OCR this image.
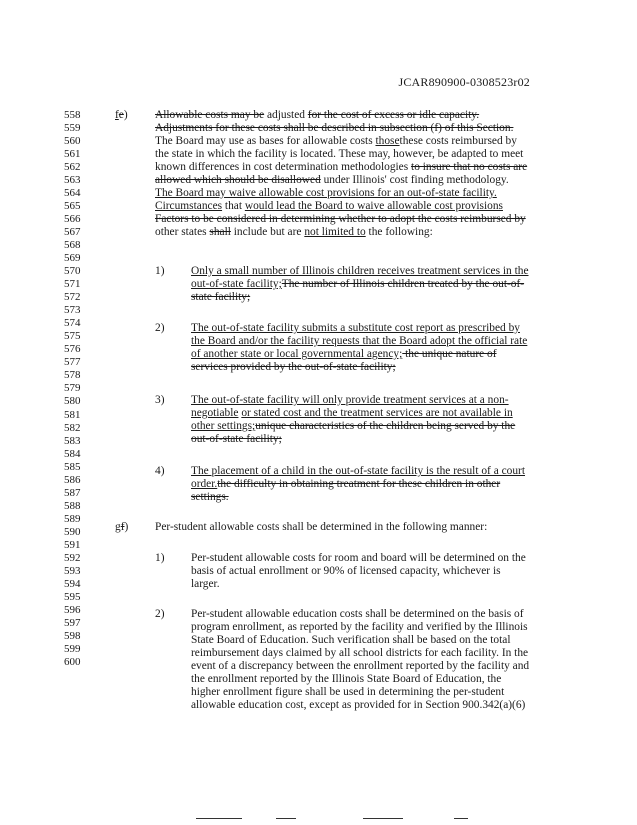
JCAR890900-0308523r02
558
559
560
561
562
563
564
565
566
567
568
569
570
571
572
573
574
575
576
577
578
579
580
581
582
583
584
585
586
587
588
589
590
591
592
593
594
595
596
597
598
599
600
fe) Allowable costs may be adjusted for the cost of excess or idle capacity.
Adjustments for these costs shall be described in subsection (f) of this Section.
The Board may use as bases for allowable costs thosethese costs reimbursed by
the state in which the facility is located. These may, however, be adapted to meet
known differences in cost determination methodologies to insure that no costs are
allowed which should be disallowed under Illinois' cost finding methodology.
The Board may waive allowable cost provisions for an out-of-state facility.
Circumstances that would lead the Board to waive allowable cost provisions
Factors to be considered in determining whether to adopt the costs reimbursed by
other states shall include but are not limited to the following:
1) Only a small number of Illinois children receives treatment services in the
out-of-state facility;The number of Illinois children treated by the out-of-
state facility;
2) The out-of-state facility submits a substitute cost report as prescribed by
the Board and/or the facility requests that the Board adopt the official rate
of another state or local governmental agency; the unique nature of
services provided by the out-of-state facility;
3) The out-of-state facility will only provide treatment services at a non-
negotiable or stated cost and the treatment services are not available in
other settings;unique characteristics of the children being served by the
out-of-state facility;
4) The placement of a child in the out-of-state facility is the result of a court
order.the difficulty in obtaining treatment for these children in other
settings.
gf) Per-student allowable costs shall be determined in the following manner:
1) Per-student allowable costs for room and board will be determined on the
basis of actual enrollment or 90% of licensed capacity, whichever is
larger.
2) Per-student allowable education costs shall be determined on the basis of
program enrollment, as reported by the facility and verified by the Illinois
State Board of Education. Such verification shall be based on the total
reimbursement days claimed by all school districts for each facility. In the
event of a discrepancy between the enrollment reported by the facility and
the enrollment reported by the Illinois State Board of Education, the
higher enrollment figure shall be used in determining the per-student
allowable education cost, except as provided for in Section 900.342(a)(6)
